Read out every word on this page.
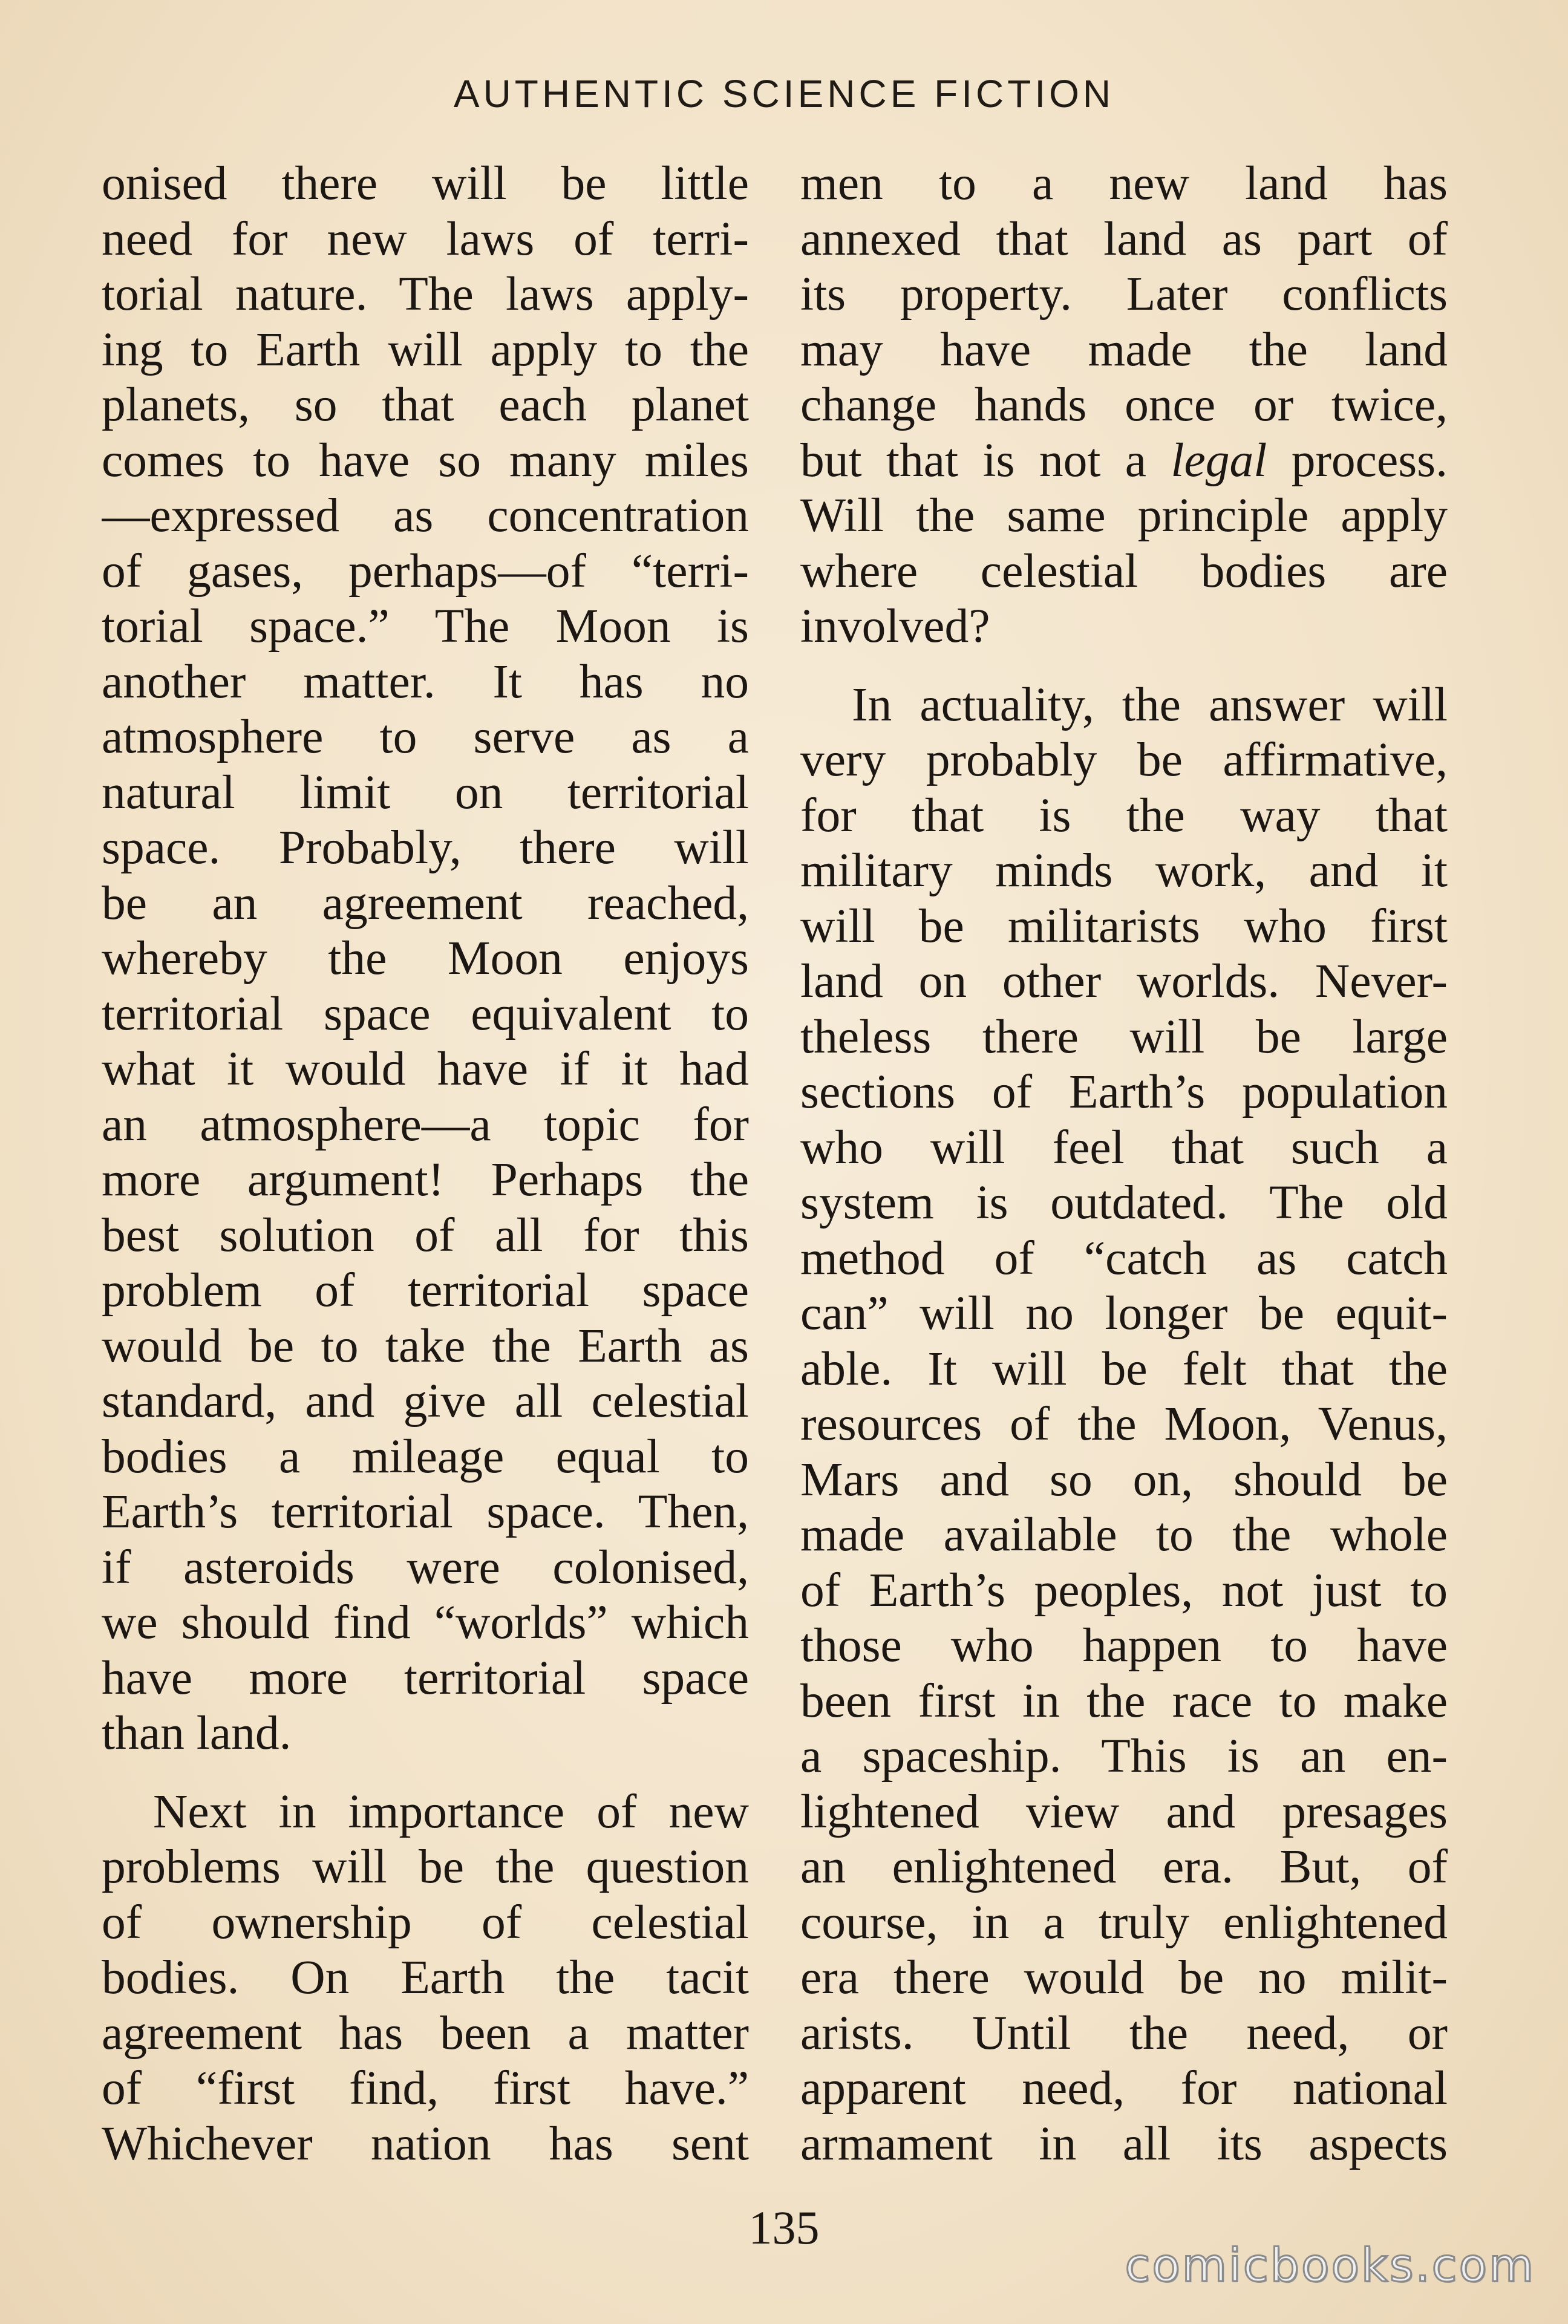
AUTHENTIC SCIENCE FICTION
onised there will be little
need for new laws of terri-
torial nature. The laws apply-
ing to Earth will apply to the
planets, so that each planet
comes to have so many miles
—expressed as concentration
of gases, perhaps—of “terri-
torial space.” The Moon is
another matter. It has no
atmosphere to serve as a
natural limit on territorial
space. Probably, there will
be an agreement reached,
whereby the Moon enjoys
territorial space equivalent to
what it would have if it had
an atmosphere—a topic for
more argument! Perhaps the
best solution of all for this
problem of territorial space
would be to take the Earth as
standard, and give all celestial
bodies a mileage equal to
Earth’s territorial space. Then,
if asteroids were colonised,
we should find “worlds” which
have more territorial space
than land.
Next in importance of new
problems will be the question
of ownership of celestial
bodies. On Earth the tacit
agreement has been a matter
of “first find, first have.”
Whichever nation has sent
men to a new land has
annexed that land as part of
its property. Later conflicts
may have made the land
change hands once or twice,
but that is not a legal process.
Will the same principle apply
where celestial bodies are
involved?
In actuality, the answer will
very probably be affirmative,
for that is the way that
military minds work, and it
will be militarists who first
land on other worlds. Never-
theless there will be large
sections of Earth’s population
who will feel that such a
system is outdated. The old
method of “catch as catch
can” will no longer be equit-
able. It will be felt that the
resources of the Moon, Venus,
Mars and so on, should be
made available to the whole
of Earth’s peoples, not just to
those who happen to have
been first in the race to make
a spaceship. This is an en-
lightened view and presages
an enlightened era. But, of
course, in a truly enlightened
era there would be no milit-
arists. Until the need, or
apparent need, for national
armament in all its aspects
135
comicbooks.com
